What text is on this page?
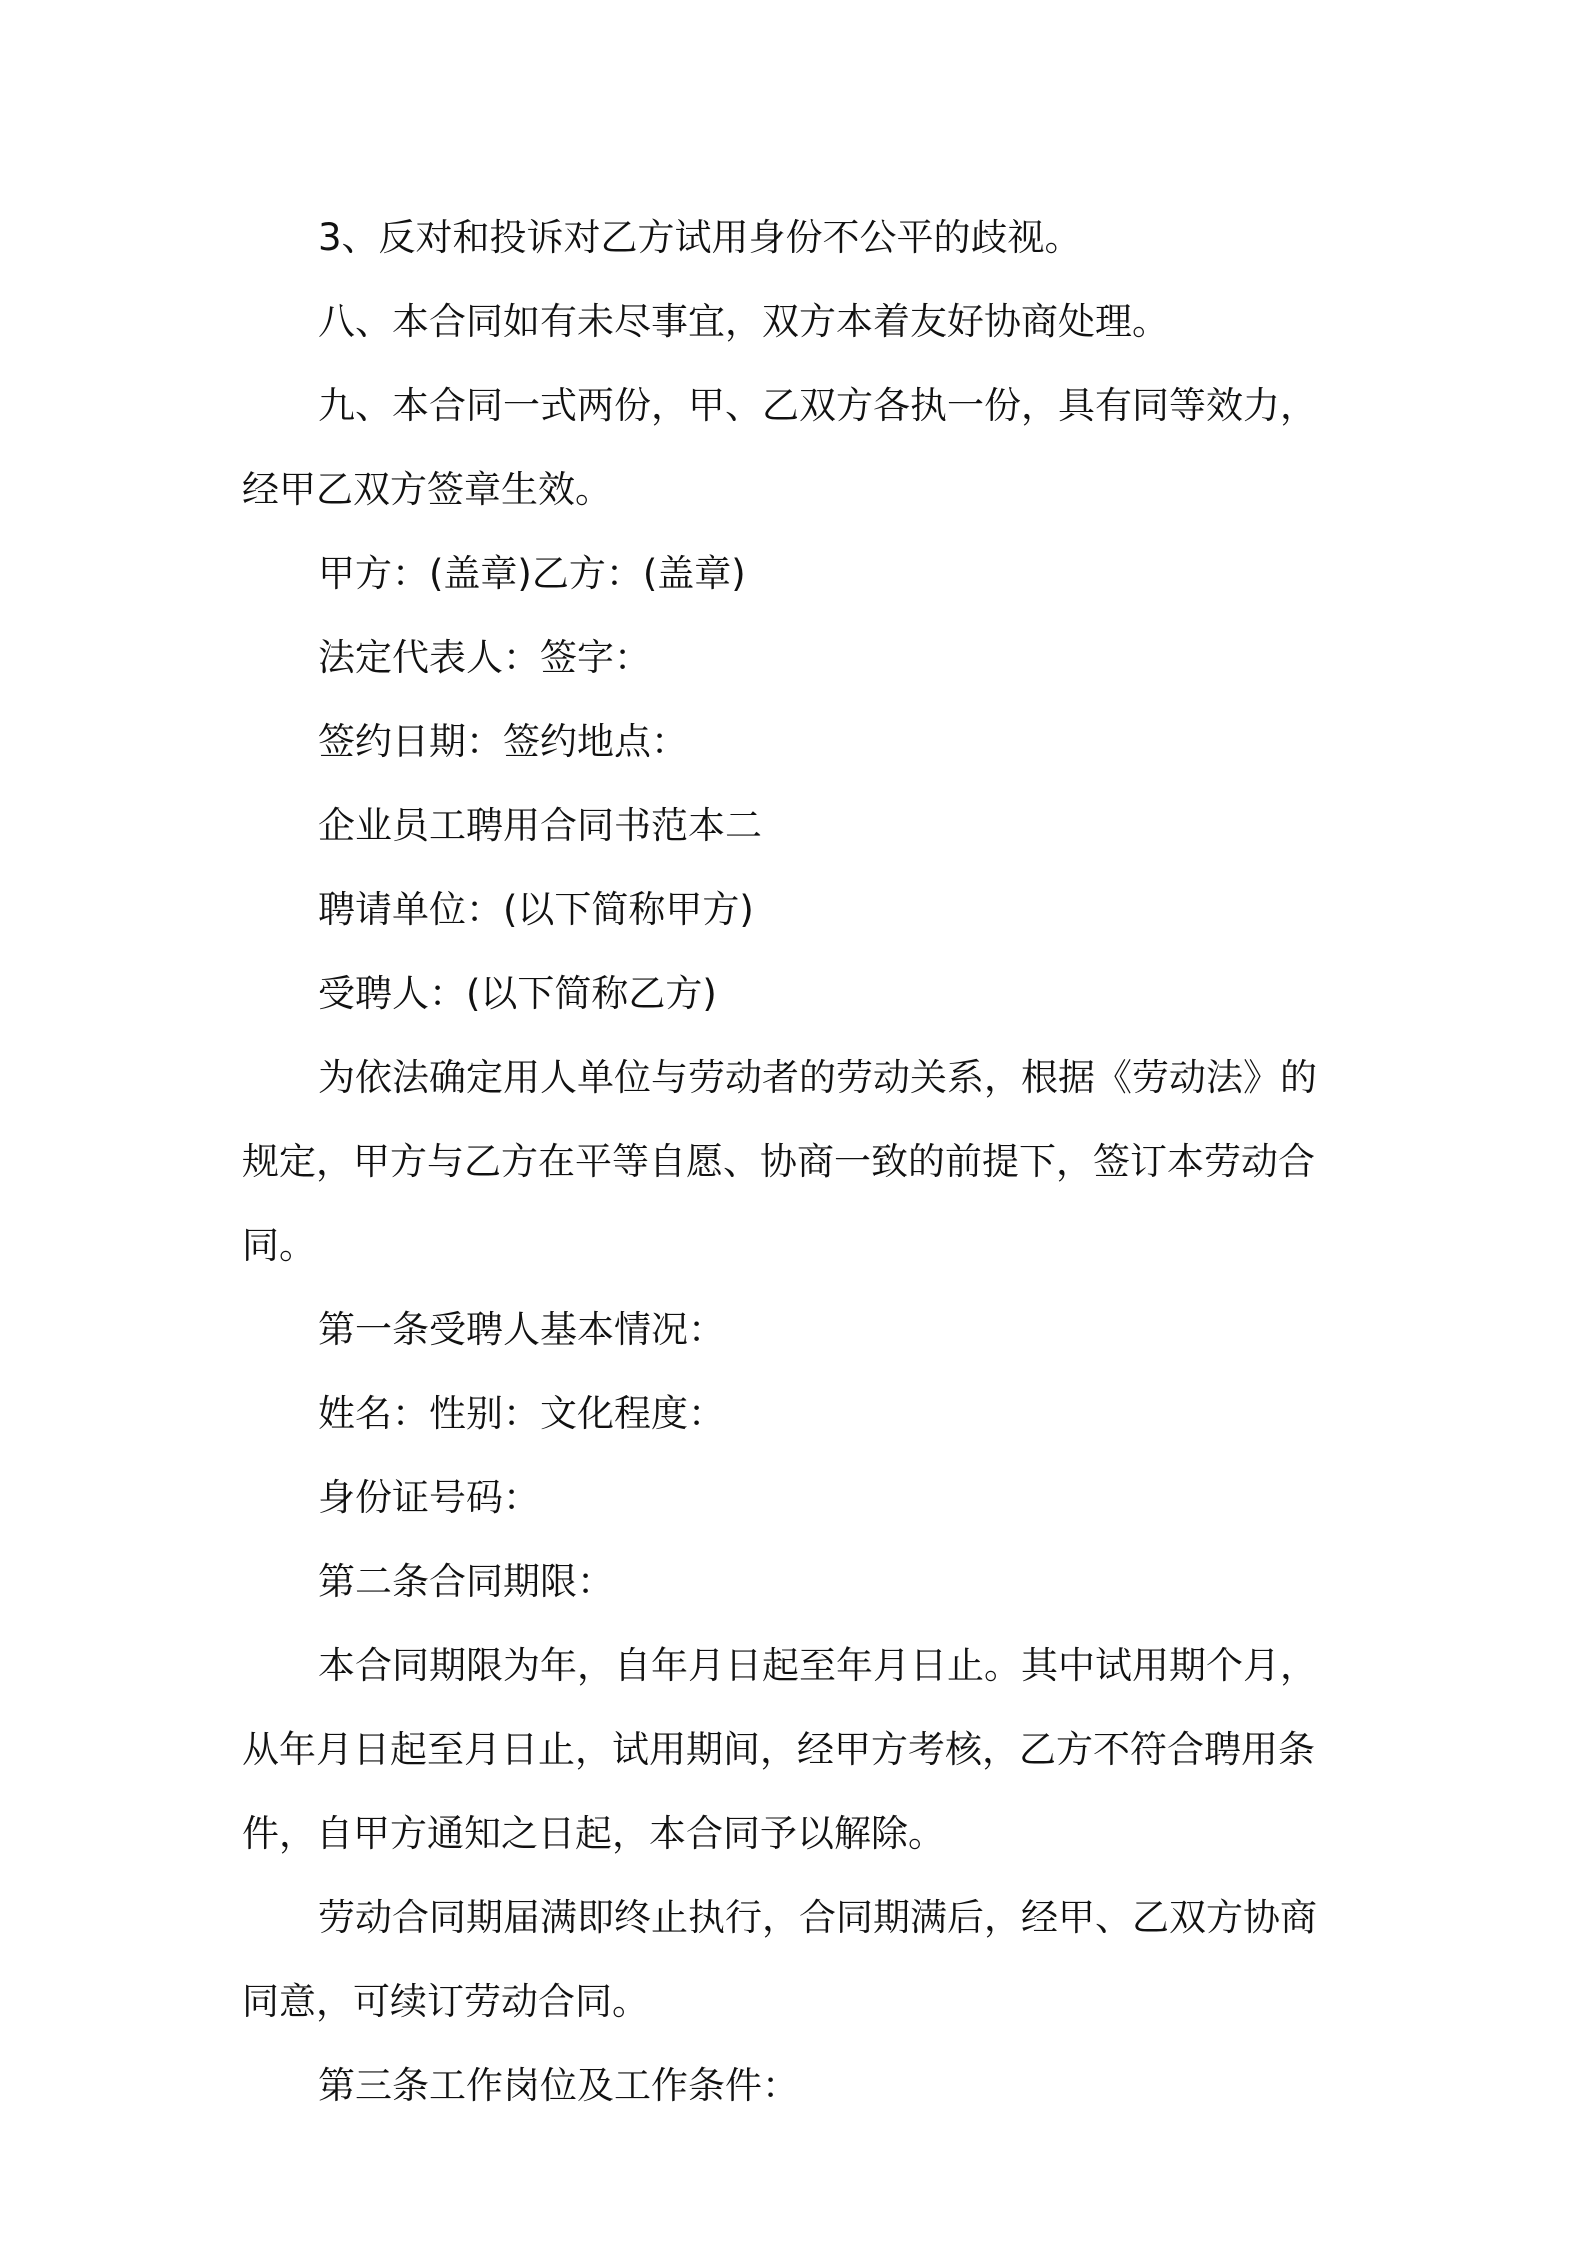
3、反对和投诉对乙方试用身份不公平的歧视。

八、本合同如有未尽事宜，双方本着友好协商处理。

九、本合同一式两份，甲、乙双方各执一份，具有同等效力，经甲乙双方签章生效。

甲方：(盖章)乙方：(盖章)

法定代表人：签字：

签约日期：签约地点：

企业员工聘用合同书范本二

聘请单位：(以下简称甲方)

受聘人：(以下简称乙方)

为依法确定用人单位与劳动者的劳动关系，根据《劳动法》的规定，甲方与乙方在平等自愿、协商一致的前提下，签订本劳动合同。

第一条受聘人基本情况：

姓名：性别：文化程度：

身份证号码：

第二条合同期限：

本合同期限为年，自年月日起至年月日止。其中试用期个月，从年月日起至月日止，试用期间，经甲方考核，乙方不符合聘用条件，自甲方通知之日起，本合同予以解除。

劳动合同期届满即终止执行，合同期满后，经甲、乙双方协商同意，可续订劳动合同。

第三条工作岗位及工作条件：
